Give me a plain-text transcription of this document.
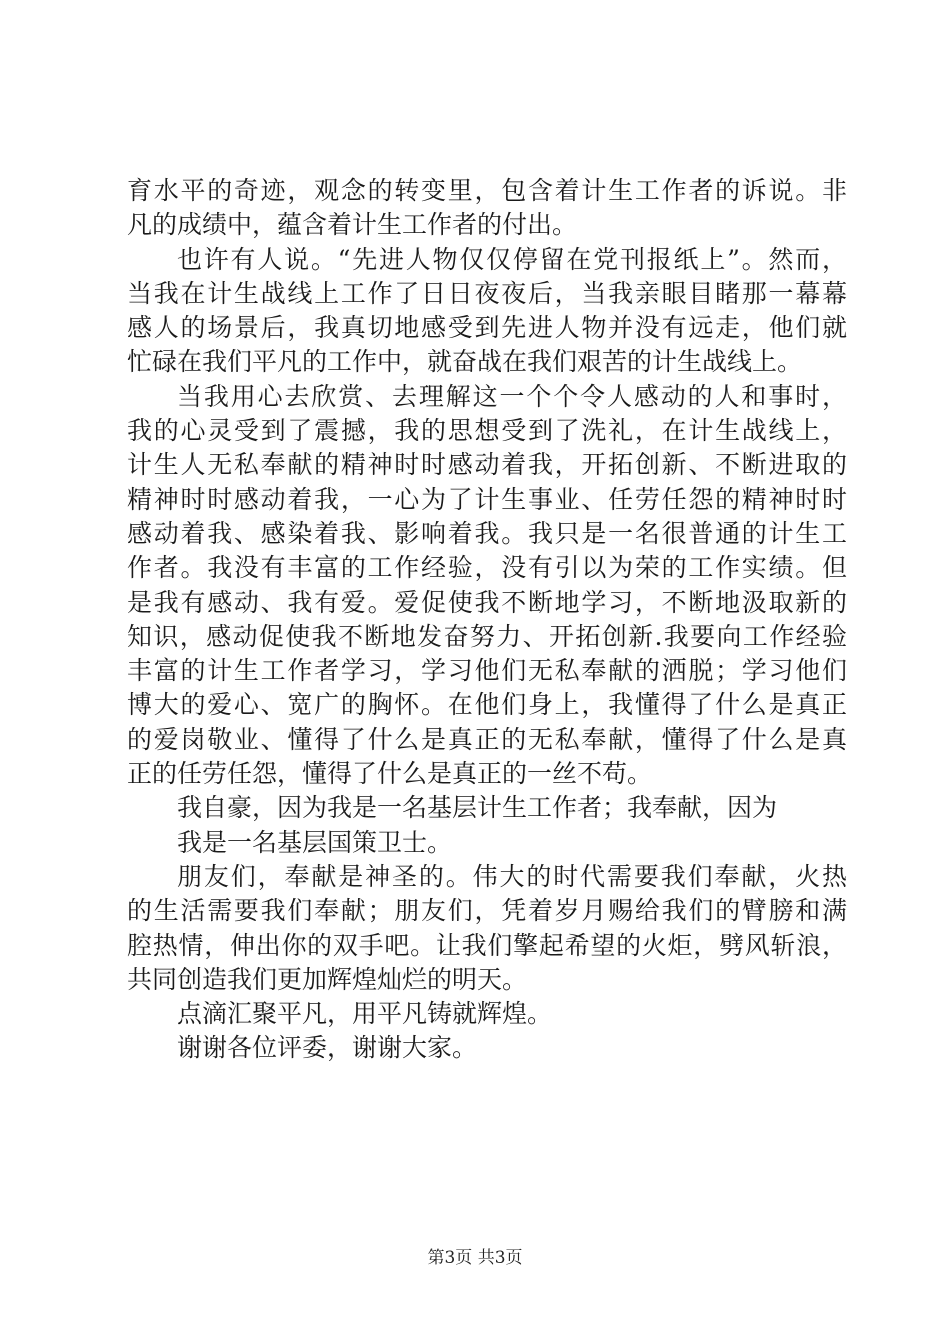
育水平的奇迹，观念的转变里，包含着计生工作者的诉说。非
凡的成绩中，蕴含着计生工作者的付出。
也许有人说。“先进人物仅仅停留在党刊报纸上”。然而，
当我在计生战线上工作了日日夜夜后，当我亲眼目睹那一幕幕
感人的场景后，我真切地感受到先进人物并没有远走，他们就
忙碌在我们平凡的工作中，就奋战在我们艰苦的计生战线上。
当我用心去欣赏、去理解这一个个令人感动的人和事时，
我的心灵受到了震撼，我的思想受到了洗礼，在计生战线上，
计生人无私奉献的精神时时感动着我，开拓创新、不断进取的
精神时时感动着我，一心为了计生事业、任劳任怨的精神时时
感动着我、感染着我、影响着我。我只是一名很普通的计生工
作者。我没有丰富的工作经验，没有引以为荣的工作实绩。但
是我有感动、我有爱。爱促使我不断地学习，不断地汲取新的
知识，感动促使我不断地发奋努力、开拓创新.我要向工作经验
丰富的计生工作者学习，学习他们无私奉献的洒脱；学习他们
博大的爱心、宽广的胸怀。在他们身上，我懂得了什么是真正
的爱岗敬业、懂得了什么是真正的无私奉献，懂得了什么是真
正的任劳任怨，懂得了什么是真正的一丝不苟。
我自豪，因为我是一名基层计生工作者；我奉献，因为
我是一名基层国策卫士。
朋友们，奉献是神圣的。伟大的时代需要我们奉献，火热
的生活需要我们奉献；朋友们，凭着岁月赐给我们的臂膀和满
腔热情，伸出你的双手吧。让我们擎起希望的火炬，劈风斩浪，
共同创造我们更加辉煌灿烂的明天。
点滴汇聚平凡，用平凡铸就辉煌。
谢谢各位评委，谢谢大家。
第3页 共3页
